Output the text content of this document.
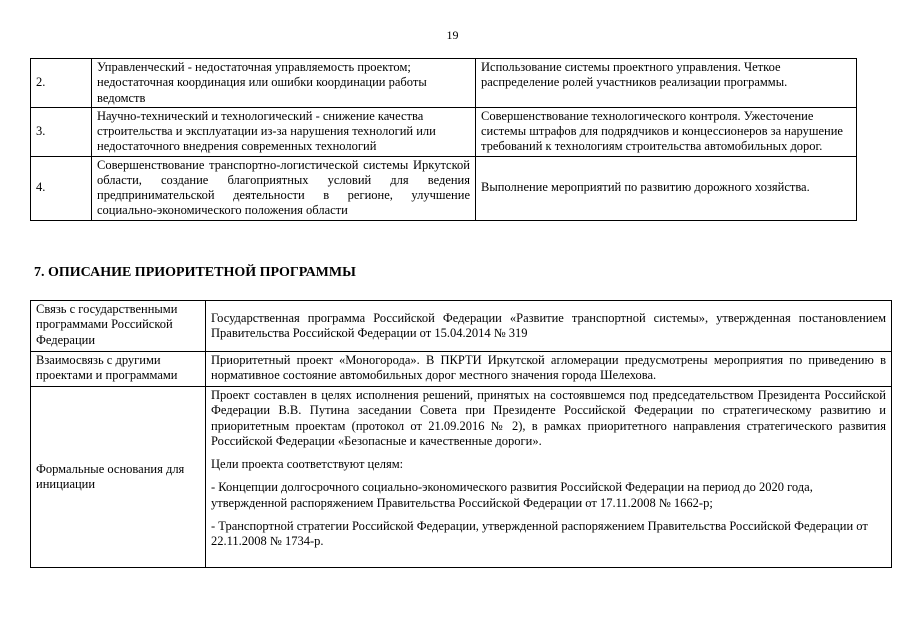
19
2.	Управленческий - недостаточная управляемость проектом; недостаточная координация или ошибки координации работы ведомств	Использование системы проектного управления. Четкое распределение ролей участников реализации программы.
3.	Научно-технический и технологический - снижение качества строительства и эксплуатации из-за нарушения технологий или недостаточного внедрения современных технологий	Совершенствование технологического контроля. Ужесточение системы штрафов для подрядчиков и концессионеров за нарушение требований к технологиям строительства автомобильных дорог.
4.	Совершенствование транспортно-логистической системы Иркутской области, создание благоприятных условий для ведения предпринимательской деятельности в регионе, улучшение социально-экономического положения области	Выполнение мероприятий по развитию дорожного хозяйства.
7. ОПИСАНИЕ ПРИОРИТЕТНОЙ ПРОГРАММЫ
Связь с государственными программами Российской Федерации	Государственная программа Российской Федерации «Развитие транспортной системы», утвержденная постановлением Правительства Российской Федерации от 15.04.2014 № 319
Взаимосвязь с другими проектами и программами	Приоритетный проект «Моногорода». В ПКРТИ Иркутской агломерации предусмотрены мероприятия по приведению в нормативное состояние автомобильных дорог местного значения города Шелехова.
Формальные основания для инициации	Проект составлен в целях исполнения решений, принятых на состоявшемся под председательством Президента Российской Федерации В.В. Путина заседании Совета при Президенте Российской Федерации по стратегическому развитию и приоритетным проектам (протокол от 21.09.2016 № 2), в рамках приоритетного направления стратегического развития Российской Федерации «Безопасные и качественные дороги».

Цели проекта соответствуют целям:

- Концепции долгосрочного социально-экономического развития Российской Федерации на период до 2020 года, утвержденной распоряжением Правительства Российской Федерации от 17.11.2008 № 1662-р;

- Транспортной стратегии Российской Федерации, утвержденной распоряжением Правительства Российской Федерации от 22.11.2008 № 1734-р.
